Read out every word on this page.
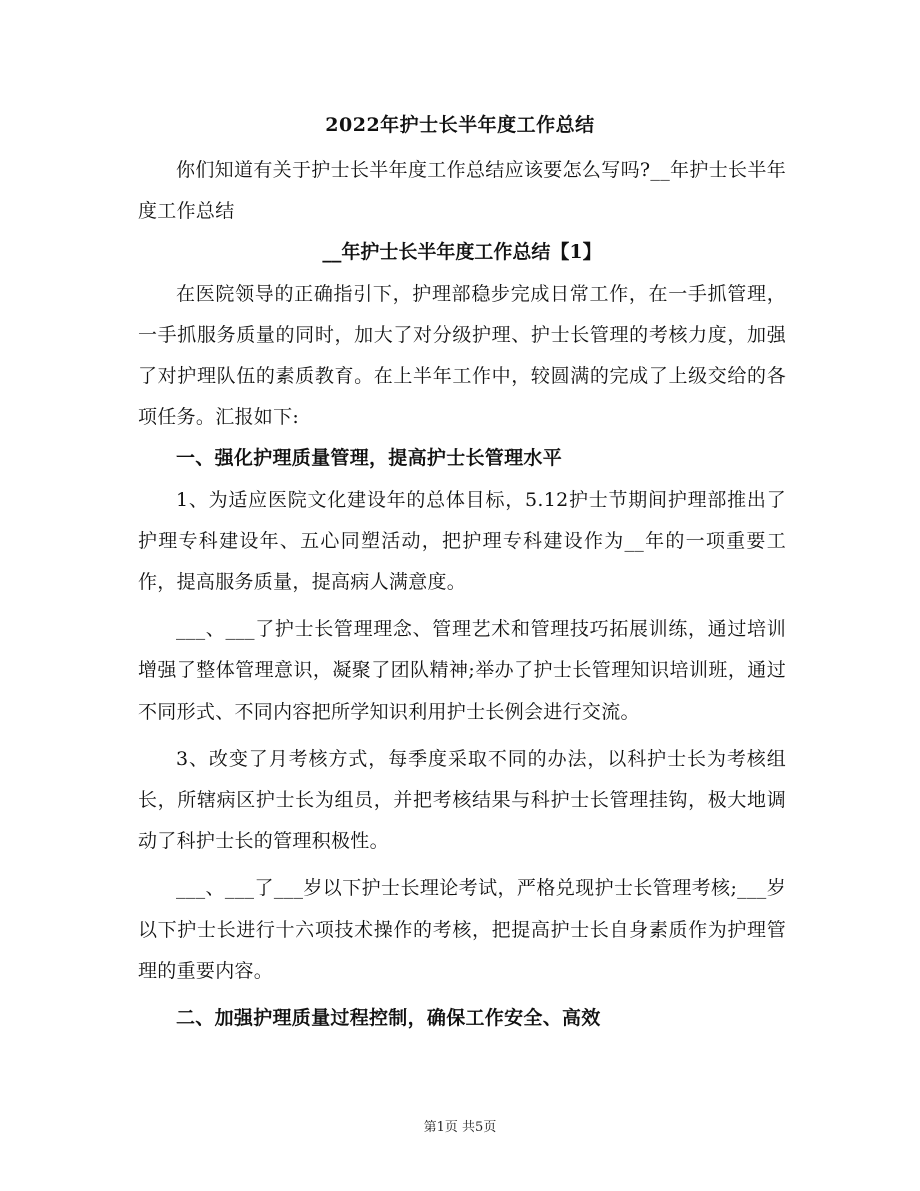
2022年护士长半年度工作总结

你们知道有关于护士长半年度工作总结应该要怎么写吗?__年护士长半年度工作总结

__年护士长半年度工作总结【1】

在医院领导的正确指引下，护理部稳步完成日常工作，在一手抓管理，一手抓服务质量的同时，加大了对分级护理、护士长管理的考核力度，加强了对护理队伍的素质教育。在上半年工作中，较圆满的完成了上级交给的各项任务。汇报如下:

一、强化护理质量管理，提高护士长管理水平

1、为适应医院文化建设年的总体目标，5.12护士节期间护理部推出了护理专科建设年、五心同塑活动，把护理专科建设作为__年的一项重要工作，提高服务质量，提高病人满意度。

___、___了护士长管理理念、管理艺术和管理技巧拓展训练，通过培训增强了整体管理意识，凝聚了团队精神;举办了护士长管理知识培训班，通过不同形式、不同内容把所学知识利用护士长例会进行交流。

3、改变了月考核方式，每季度采取不同的办法，以科护士长为考核组长，所辖病区护士长为组员，并把考核结果与科护士长管理挂钩，极大地调动了科护士长的管理积极性。

___、___了___岁以下护士长理论考试，严格兑现护士长管理考核;___岁以下护士长进行十六项技术操作的考核，把提高护士长自身素质作为护理管理的重要内容。

二、加强护理质量过程控制，确保工作安全、高效

第1页 共5页
